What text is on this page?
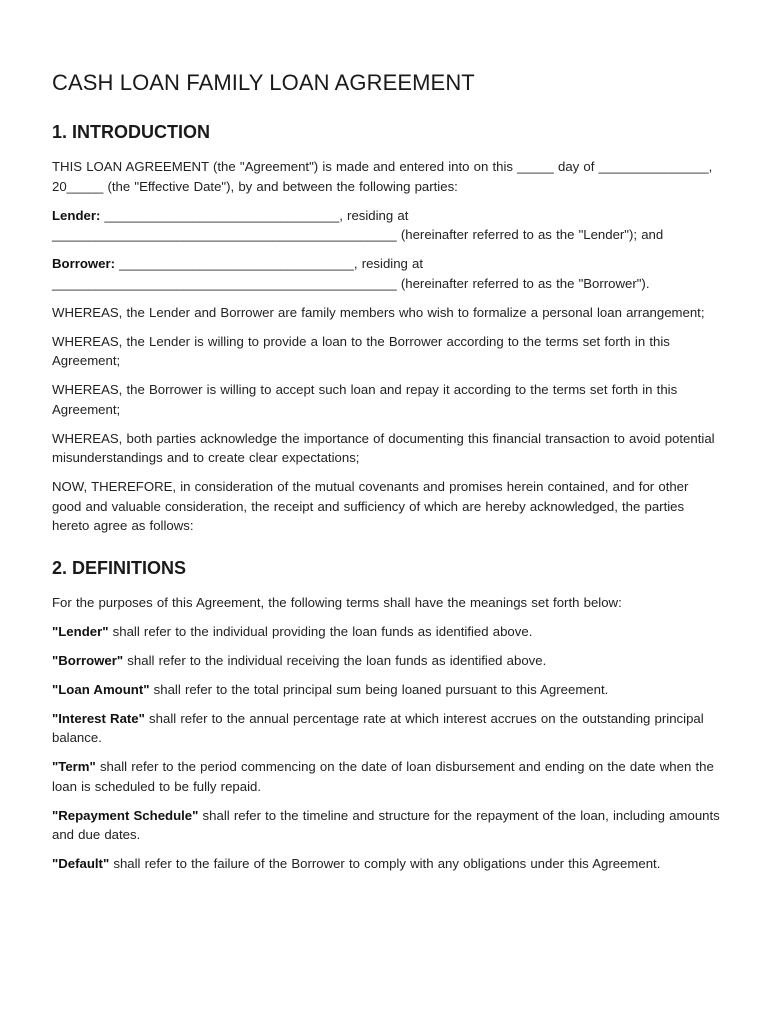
CASH LOAN FAMILY LOAN AGREEMENT
1. INTRODUCTION

THIS LOAN AGREEMENT (the "Agreement") is made and entered into on this _____ day of _______________, 20_____ (the "Effective Date"), by and between the following parties:

Lender: ________________________________, residing at _______________________________________________ (hereinafter referred to as the "Lender"); and

Borrower: ________________________________, residing at _______________________________________________ (hereinafter referred to as the "Borrower").

WHEREAS, the Lender and Borrower are family members who wish to formalize a personal loan arrangement;

WHEREAS, the Lender is willing to provide a loan to the Borrower according to the terms set forth in this Agreement;

WHEREAS, the Borrower is willing to accept such loan and repay it according to the terms set forth in this Agreement;

WHEREAS, both parties acknowledge the importance of documenting this financial transaction to avoid potential misunderstandings and to create clear expectations;

NOW, THEREFORE, in consideration of the mutual covenants and promises herein contained, and for other good and valuable consideration, the receipt and sufficiency of which are hereby acknowledged, the parties hereto agree as follows:

2. DEFINITIONS

For the purposes of this Agreement, the following terms shall have the meanings set forth below:

"Lender" shall refer to the individual providing the loan funds as identified above.

"Borrower" shall refer to the individual receiving the loan funds as identified above.

"Loan Amount" shall refer to the total principal sum being loaned pursuant to this Agreement.

"Interest Rate" shall refer to the annual percentage rate at which interest accrues on the outstanding principal balance.

"Term" shall refer to the period commencing on the date of loan disbursement and ending on the date when the loan is scheduled to be fully repaid.

"Repayment Schedule" shall refer to the timeline and structure for the repayment of the loan, including amounts and due dates.

"Default" shall refer to the failure of the Borrower to comply with any obligations under this Agreement.
